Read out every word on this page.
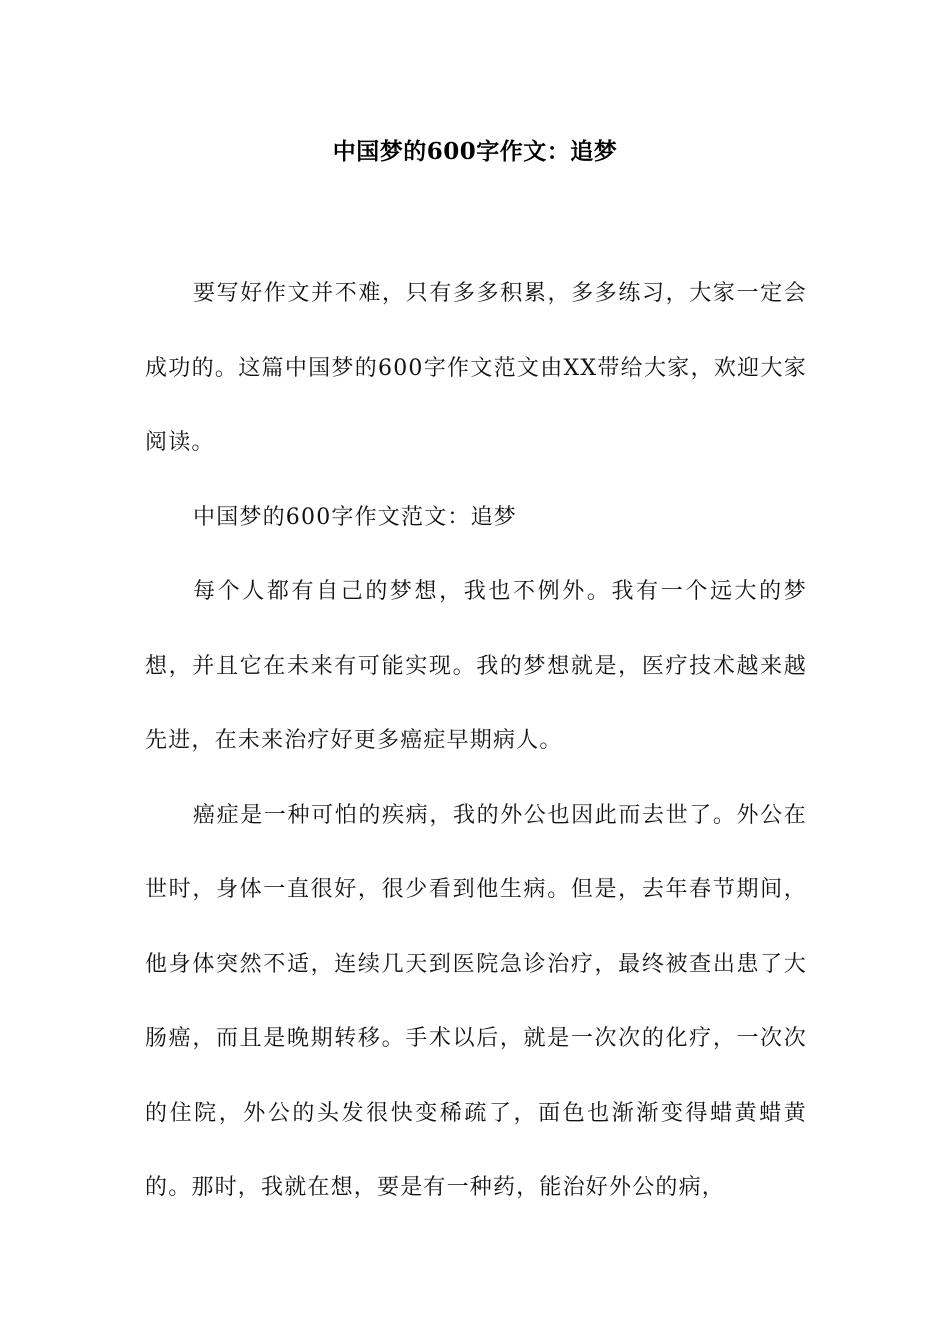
中国梦的600字作文：追梦

要写好作文并不难，只有多多积累，多多练习，大家一定会成功的。这篇中国梦的600字作文范文由XX带给大家，欢迎大家阅读。

中国梦的600字作文范文：追梦

每个人都有自己的梦想，我也不例外。我有一个远大的梦想，并且它在未来有可能实现。我的梦想就是，医疗技术越来越先进，在未来治疗好更多癌症早期病人。

癌症是一种可怕的疾病，我的外公也因此而去世了。外公在世时，身体一直很好，很少看到他生病。但是，去年春节期间，他身体突然不适，连续几天到医院急诊治疗，最终被查出患了大肠癌，而且是晚期转移。手术以后，就是一次次的化疗，一次次的住院，外公的头发很快变稀疏了，面色也渐渐变得蜡黄蜡黄的。那时，我就在想，要是有一种药，能治好外公的病，
